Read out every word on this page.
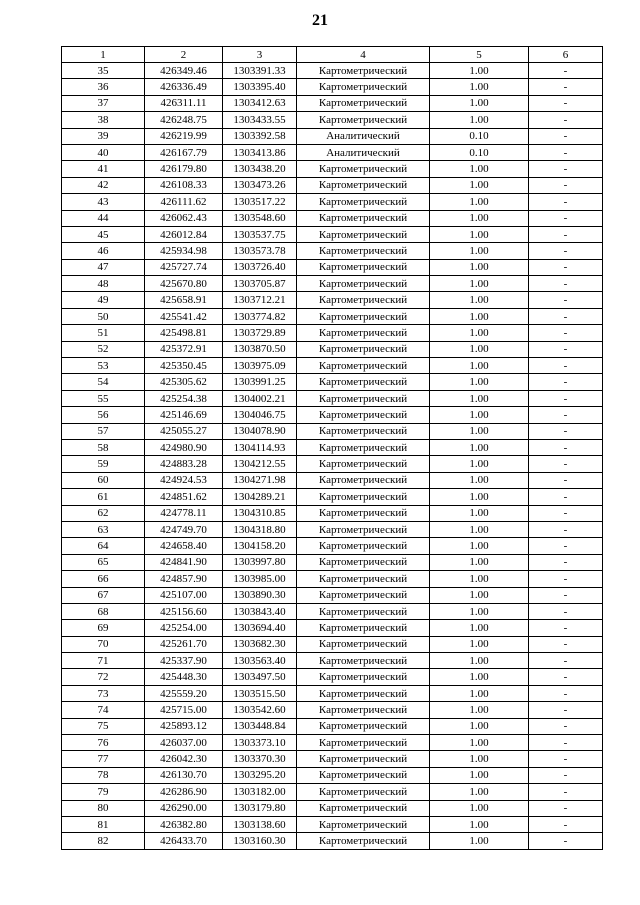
21
1	2	3	4	5	6
35	426349.46	1303391.33	Картометрический	1.00	-
36	426336.49	1303395.40	Картометрический	1.00	-
37	426311.11	1303412.63	Картометрический	1.00	-
38	426248.75	1303433.55	Картометрический	1.00	-
39	426219.99	1303392.58	Аналитический	0.10	-
40	426167.79	1303413.86	Аналитический	0.10	-
41	426179.80	1303438.20	Картометрический	1.00	-
42	426108.33	1303473.26	Картометрический	1.00	-
43	426111.62	1303517.22	Картометрический	1.00	-
44	426062.43	1303548.60	Картометрический	1.00	-
45	426012.84	1303537.75	Картометрический	1.00	-
46	425934.98	1303573.78	Картометрический	1.00	-
47	425727.74	1303726.40	Картометрический	1.00	-
48	425670.80	1303705.87	Картометрический	1.00	-
49	425658.91	1303712.21	Картометрический	1.00	-
50	425541.42	1303774.82	Картометрический	1.00	-
51	425498.81	1303729.89	Картометрический	1.00	-
52	425372.91	1303870.50	Картометрический	1.00	-
53	425350.45	1303975.09	Картометрический	1.00	-
54	425305.62	1303991.25	Картометрический	1.00	-
55	425254.38	1304002.21	Картометрический	1.00	-
56	425146.69	1304046.75	Картометрический	1.00	-
57	425055.27	1304078.90	Картометрический	1.00	-
58	424980.90	1304114.93	Картометрический	1.00	-
59	424883.28	1304212.55	Картометрический	1.00	-
60	424924.53	1304271.98	Картометрический	1.00	-
61	424851.62	1304289.21	Картометрический	1.00	-
62	424778.11	1304310.85	Картометрический	1.00	-
63	424749.70	1304318.80	Картометрический	1.00	-
64	424658.40	1304158.20	Картометрический	1.00	-
65	424841.90	1303997.80	Картометрический	1.00	-
66	424857.90	1303985.00	Картометрический	1.00	-
67	425107.00	1303890.30	Картометрический	1.00	-
68	425156.60	1303843.40	Картометрический	1.00	-
69	425254.00	1303694.40	Картометрический	1.00	-
70	425261.70	1303682.30	Картометрический	1.00	-
71	425337.90	1303563.40	Картометрический	1.00	-
72	425448.30	1303497.50	Картометрический	1.00	-
73	425559.20	1303515.50	Картометрический	1.00	-
74	425715.00	1303542.60	Картометрический	1.00	-
75	425893.12	1303448.84	Картометрический	1.00	-
76	426037.00	1303373.10	Картометрический	1.00	-
77	426042.30	1303370.30	Картометрический	1.00	-
78	426130.70	1303295.20	Картометрический	1.00	-
79	426286.90	1303182.00	Картометрический	1.00	-
80	426290.00	1303179.80	Картометрический	1.00	-
81	426382.80	1303138.60	Картометрический	1.00	-
82	426433.70	1303160.30	Картометрический	1.00	-
